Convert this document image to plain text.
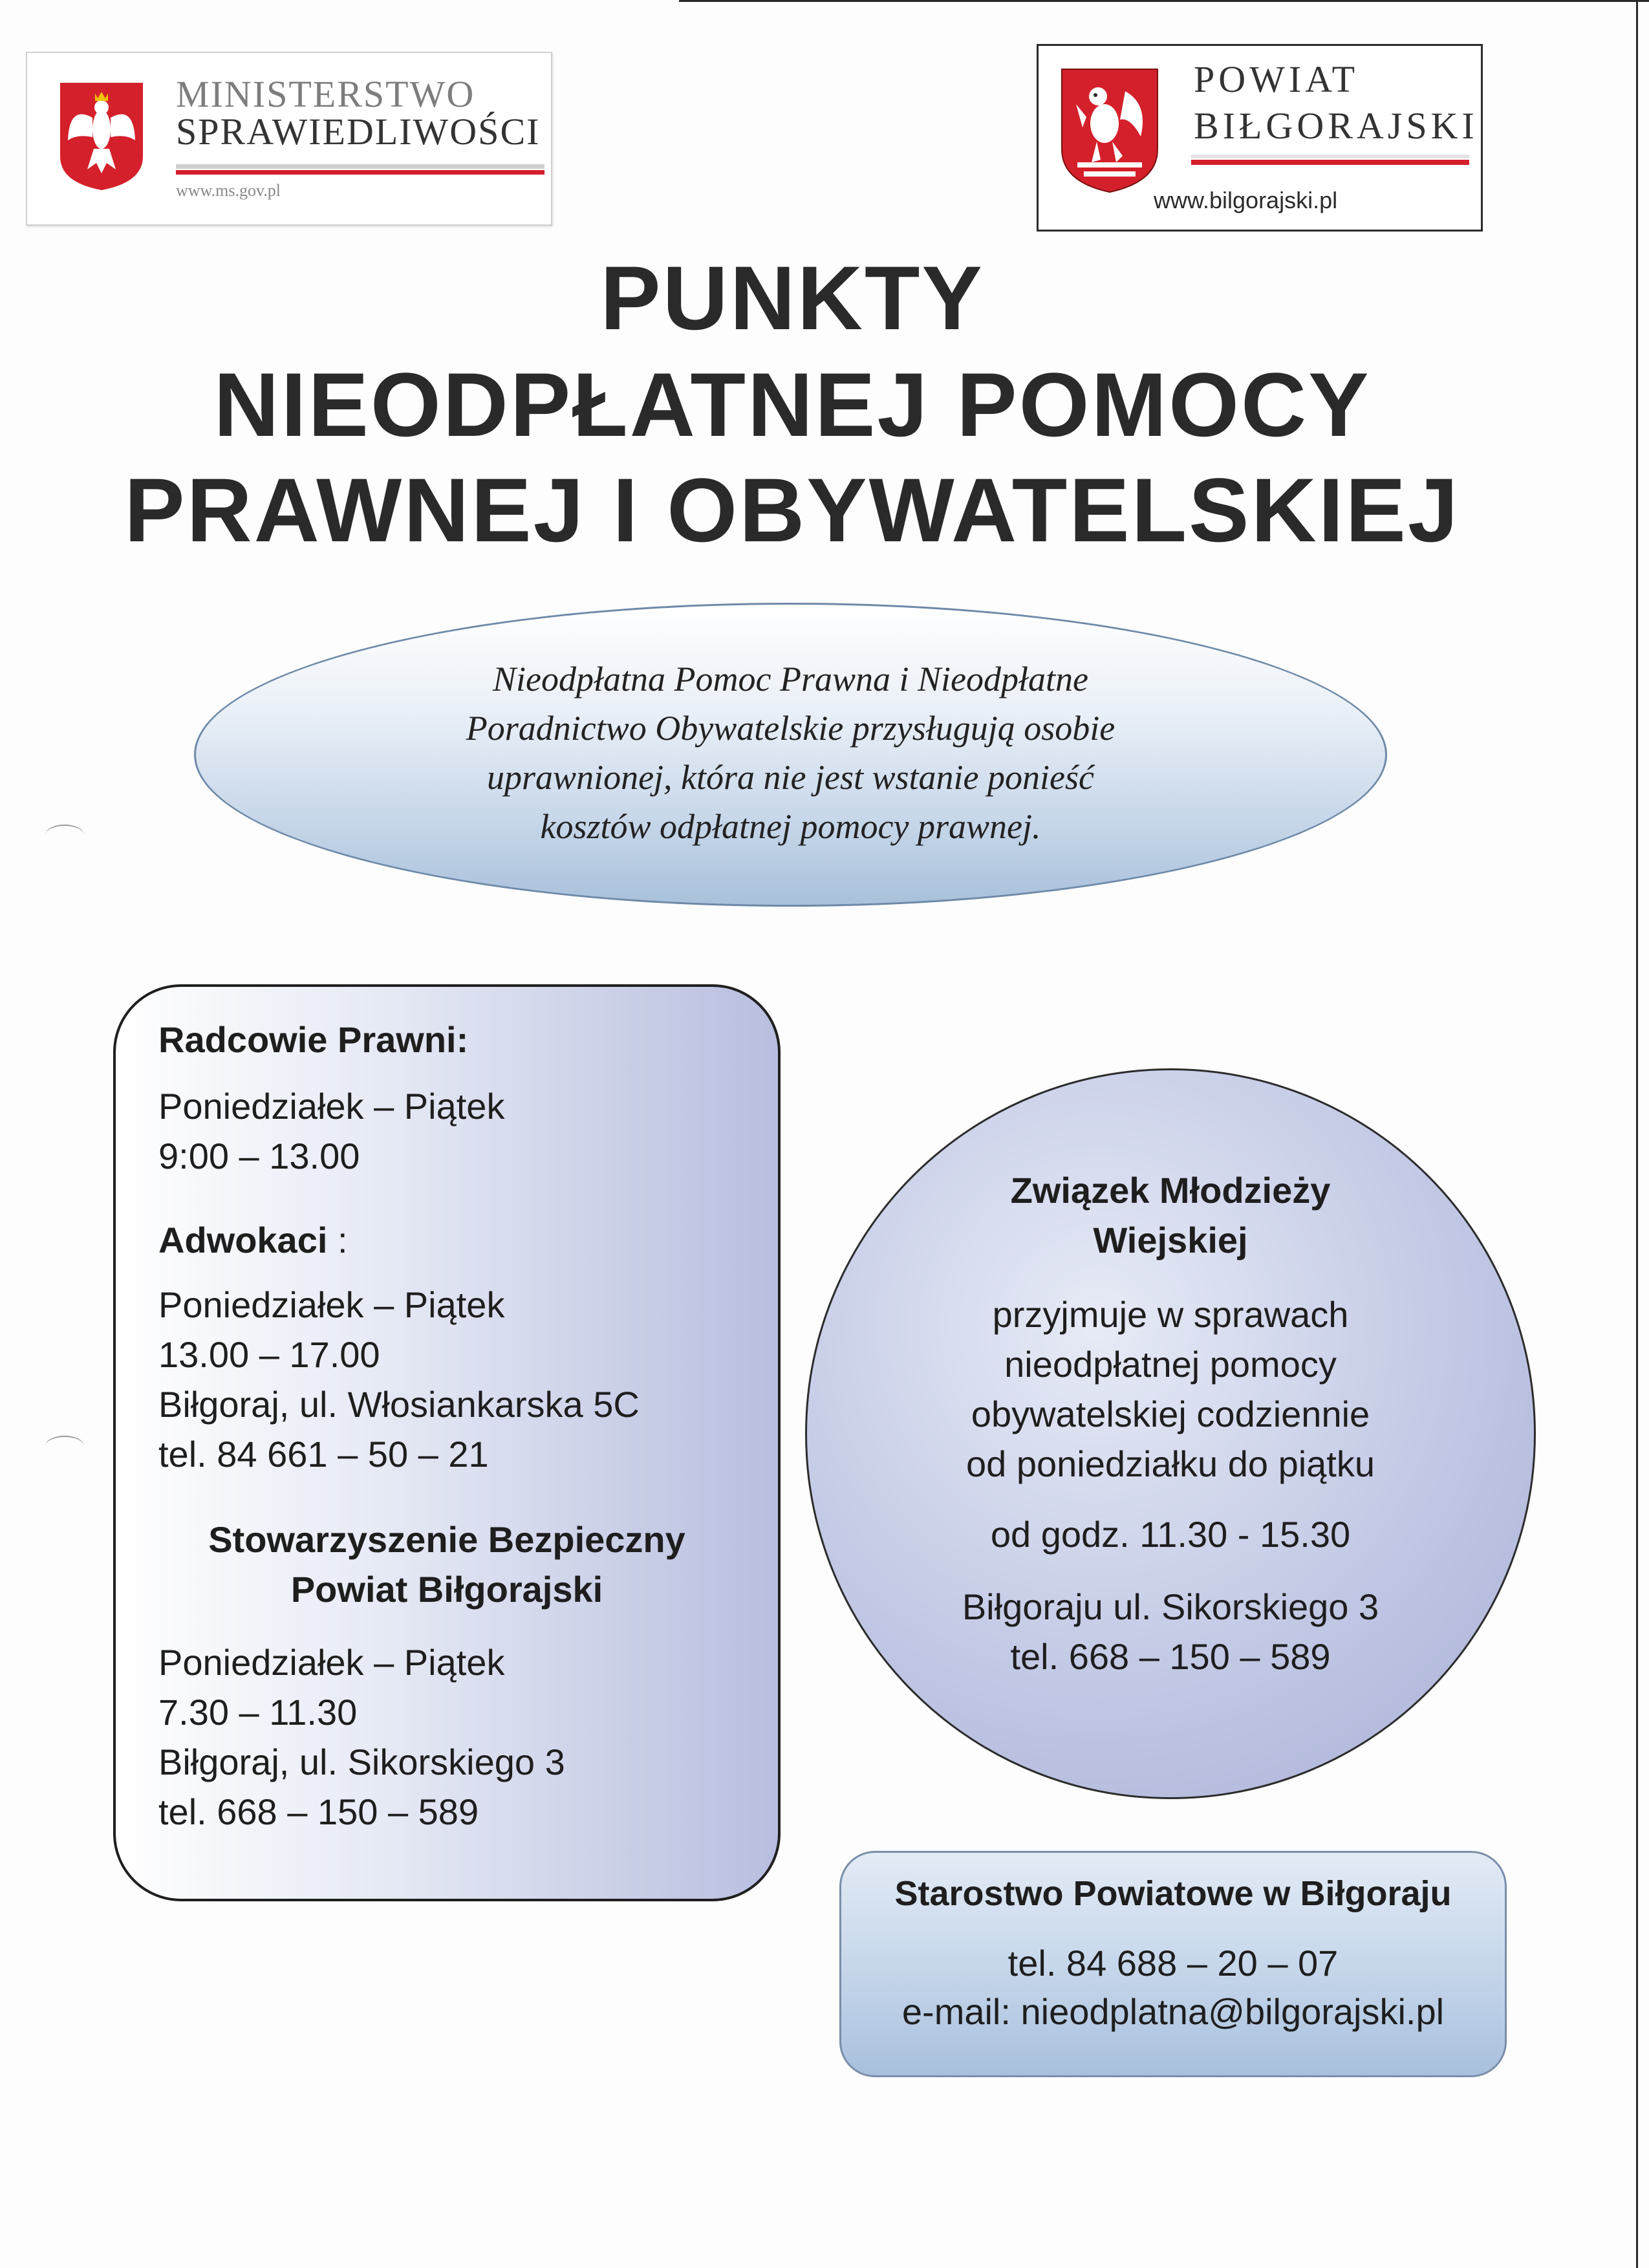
MINISTERSTWO
SPRAWIEDLIWOŚCI
www.ms.gov.pl
POWIAT
BIŁGORAJSKI
www.bilgorajski.pl
PUNKTY
NIEODPŁATNEJ POMOCY
PRAWNEJ I OBYWATELSKIEJ
Nieodpłatna Pomoc Prawna i Nieodpłatne
Poradnictwo Obywatelskie przysługują osobie
uprawnionej, która nie jest wstanie ponieść
kosztów odpłatnej pomocy prawnej.
Radcowie Prawni:
Poniedziałek – Piątek
9:00 – 13.00
Adwokaci :
Poniedziałek – Piątek
13.00 – 17.00
Biłgoraj, ul. Włosiankarska 5C
tel. 84 661 – 50 – 21
Stowarzyszenie Bezpieczny
Powiat Biłgorajski
Poniedziałek – Piątek
7.30 – 11.30
Biłgoraj, ul. Sikorskiego 3
tel. 668 – 150 – 589
Związek Młodzieży
Wiejskiej
przyjmuje w sprawach
nieodpłatnej pomocy
obywatelskiej codziennie
od poniedziałku do piątku
od godz. 11.30 - 15.30
Biłgoraju ul. Sikorskiego 3
tel. 668 – 150 – 589
Starostwo Powiatowe w Biłgoraju
tel. 84 688 – 20 – 07
e-mail: nieodplatna@bilgorajski.pl
